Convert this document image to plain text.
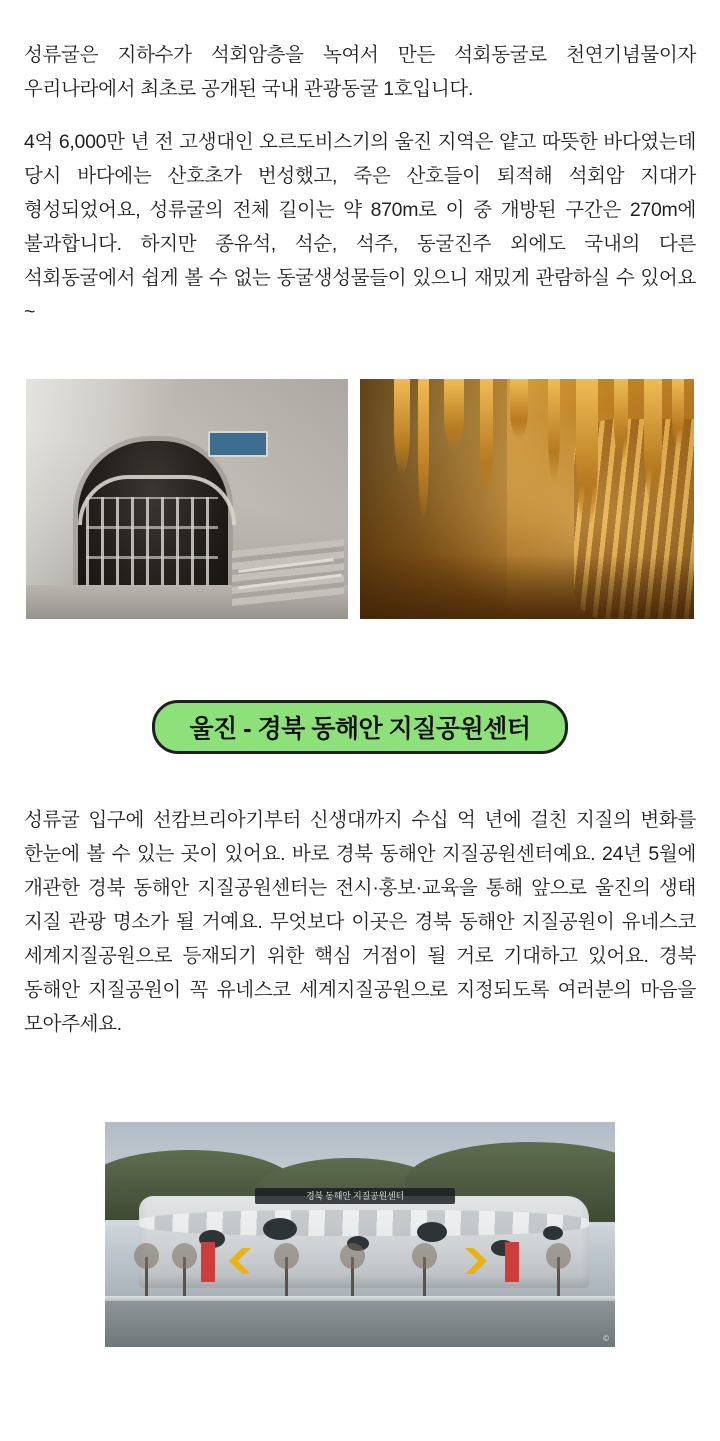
성류굴은 지하수가 석회암층을 녹여서 만든 석회동굴로 천연기념물이자 우리나라에서 최초로 공개된 국내 관광동굴 1호입니다.

4억 6,000만 년 전 고생대인 오르도비스기의 울진 지역은 얕고 따뜻한 바다였는데 당시 바다에는 산호초가 번성했고, 죽은 산호들이 퇴적해 석회암 지대가 형성되었어요, 성류굴의 전체 길이는 약 870m로 이 중 개방된 구간은 270m에 불과합니다. 하지만 종유석, 석순, 석주, 동굴진주 외에도 국내의 다른 석회동굴에서 쉽게 볼 수 없는 동굴생성물들이 있으니 재밌게 관람하실 수 있어요~

울진 - 경북 동해안 지질공원센터

성류굴 입구에 선캄브리아기부터 신생대까지 수십 억 년에 걸친 지질의 변화를 한눈에 볼 수 있는 곳이 있어요. 바로 경북 동해안 지질공원센터예요. 24년 5월에 개관한 경북 동해안 지질공원센터는 전시·홍보·교육을 통해 앞으로 울진의 생태 지질 관광 명소가 될 거예요. 무엇보다 이곳은 경북 동해안 지질공원이 유네스코 세계지질공원으로 등재되기 위한 핵심 거점이 될 거로 기대하고 있어요. 경북 동해안 지질공원이 꼭 유네스코 세계지질공원으로 지정되도록 여러분의 마음을 모아주세요.

경북 동해안 지질공원센터
©
